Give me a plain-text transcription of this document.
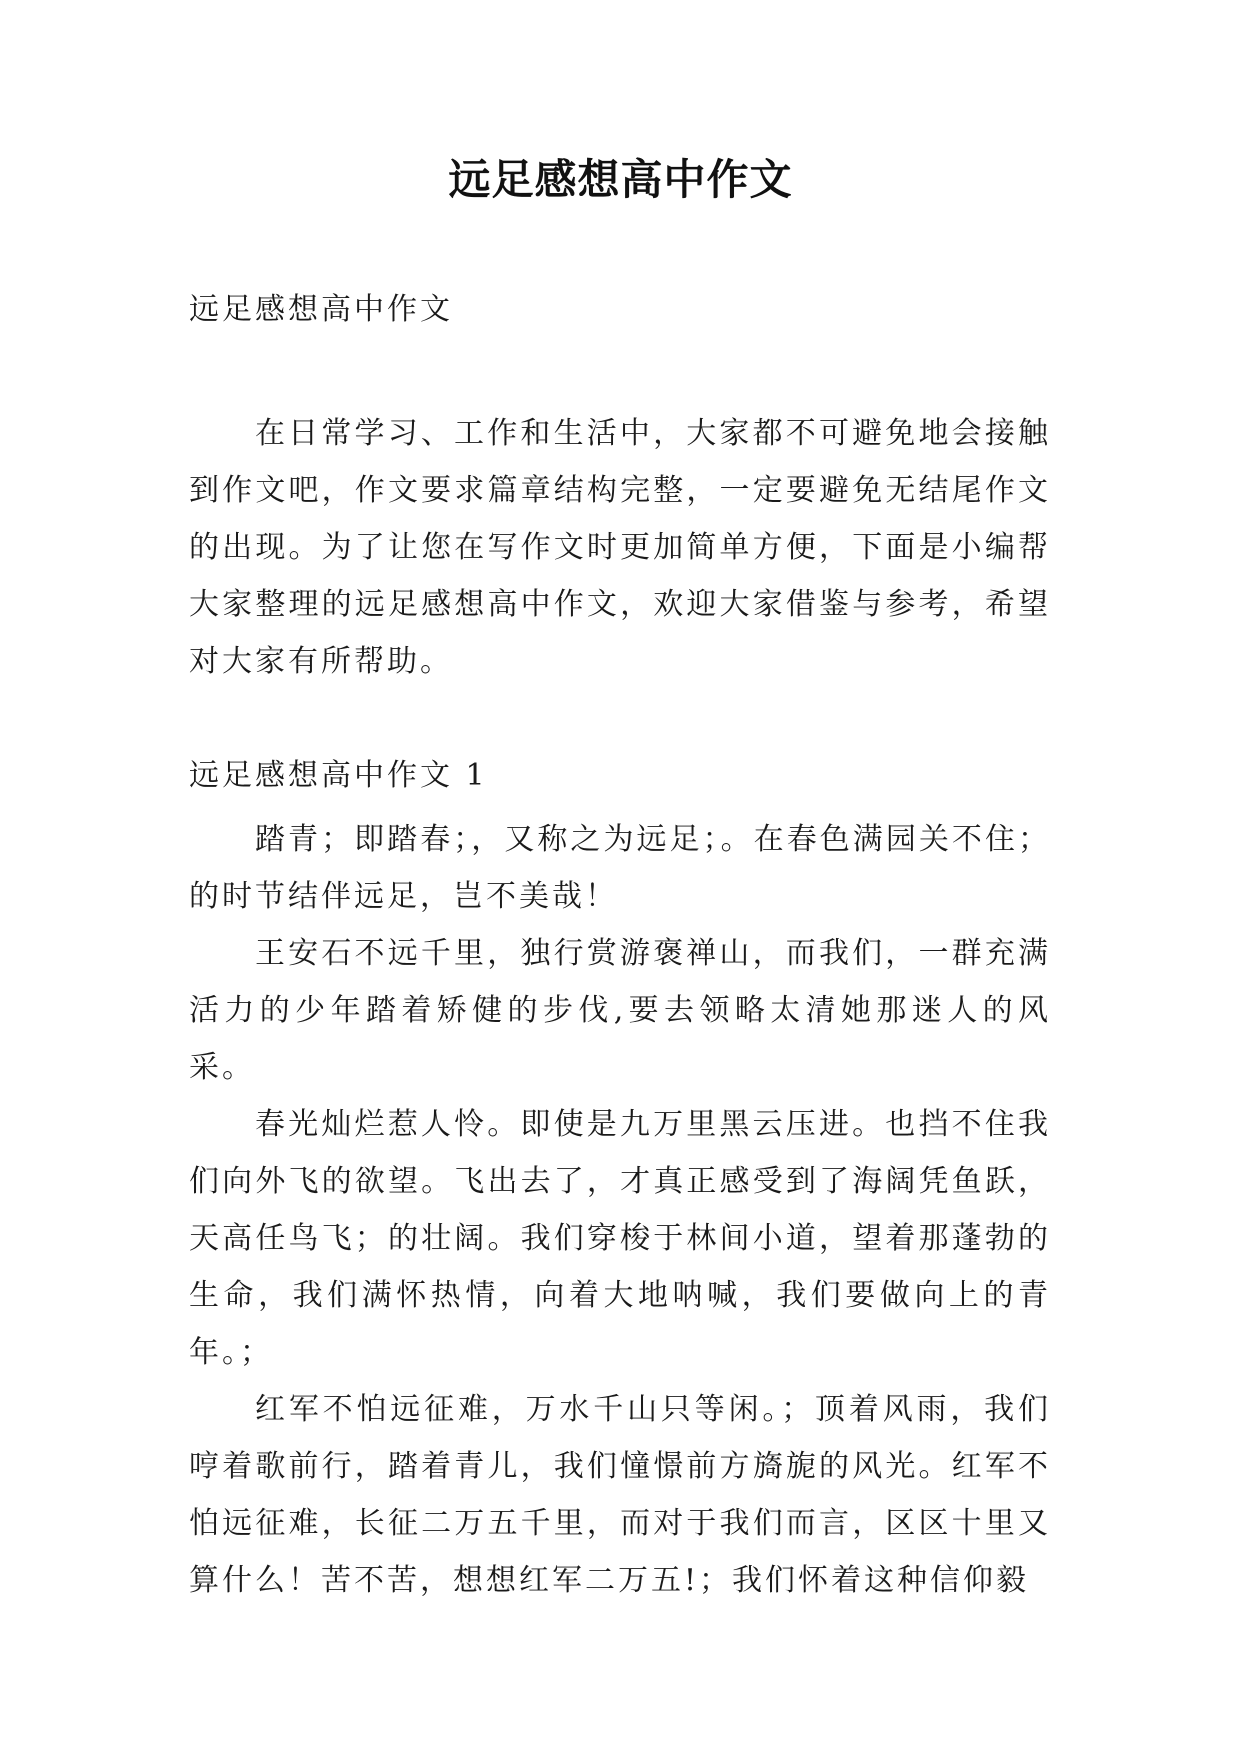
远足感想高中作文

远足感想高中作文

在日常学习、工作和生活中，大家都不可避免地会接触到作文吧，作文要求篇章结构完整，一定要避免无结尾作文的出现。为了让您在写作文时更加简单方便，下面是小编帮大家整理的远足感想高中作文，欢迎大家借鉴与参考，希望对大家有所帮助。

远足感想高中作文 1

踏青；即踏春；，又称之为远足；。在春色满园关不住；的时节结伴远足，岂不美哉！

王安石不远千里，独行赏游褒禅山，而我们，一群充满活力的少年踏着矫健的步伐,要去领略太清她那迷人的风采。

春光灿烂惹人怜。即使是九万里黑云压进。也挡不住我们向外飞的欲望。飞出去了，才真正感受到了海阔凭鱼跃，天高任鸟飞；的壮阔。我们穿梭于林间小道，望着那蓬勃的生命，我们满怀热情，向着大地呐喊，我们要做向上的青年。；

红军不怕远征难，万水千山只等闲。；顶着风雨，我们哼着歌前行，踏着青儿，我们憧憬前方旖旎的风光。红军不怕远征难，长征二万五千里，而对于我们而言，区区十里又算什么！苦不苦，想想红军二万五!；我们怀着这种信仰毅
